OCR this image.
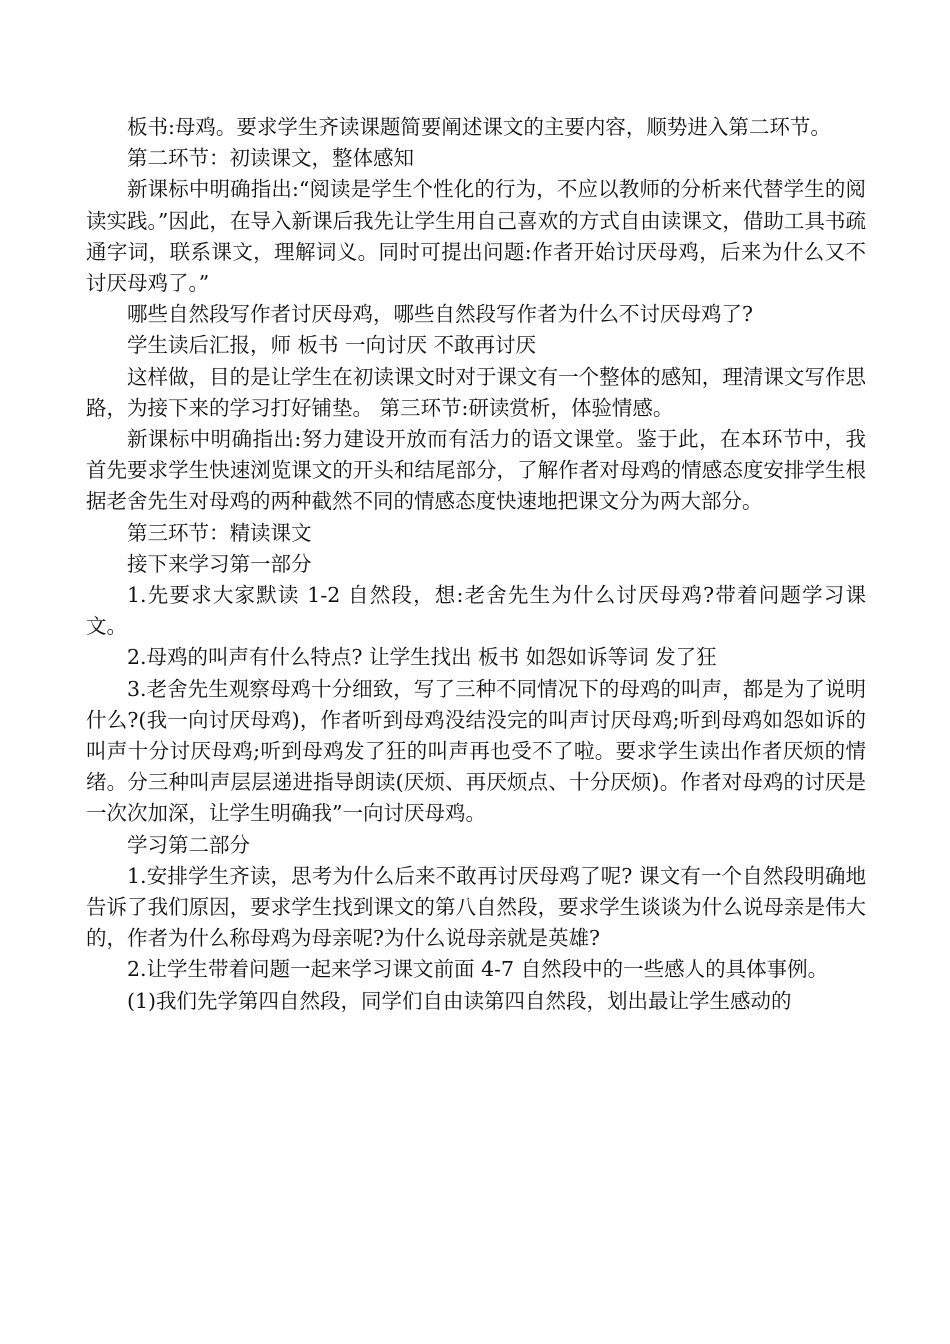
板书:母鸡。要求学生齐读课题简要阐述课文的主要内容，顺势进入第二环节。

第二环节：初读课文，整体感知

新课标中明确指出:“阅读是学生个性化的行为，不应以教师的分析来代替学生的阅读实践。”因此，在导入新课后我先让学生用自己喜欢的方式自由读课文，借助工具书疏通字词，联系课文，理解词义。同时可提出问题:作者开始讨厌母鸡，后来为什么又不讨厌母鸡了。”

哪些自然段写作者讨厌母鸡，哪些自然段写作者为什么不讨厌母鸡了?

学生读后汇报，师 板书 一向讨厌 不敢再讨厌

这样做，目的是让学生在初读课文时对于课文有一个整体的感知，理清课文写作思路，为接下来的学习打好铺垫。 第三环节:研读赏析，体验情感。

新课标中明确指出:努力建设开放而有活力的语文课堂。鉴于此，在本环节中，我首先要求学生快速浏览课文的开头和结尾部分，了解作者对母鸡的情感态度安排学生根据老舍先生对母鸡的两种截然不同的情感态度快速地把课文分为两大部分。

第三环节：精读课文

接下来学习第一部分

1.先要求大家默读 1-2 自然段，想:老舍先生为什么讨厌母鸡?带着问题学习课文。

2.母鸡的叫声有什么特点? 让学生找出 板书 如怨如诉等词 发了狂

3.老舍先生观察母鸡十分细致，写了三种不同情况下的母鸡的叫声，都是为了说明什么?(我一向讨厌母鸡)，作者听到母鸡没结没完的叫声讨厌母鸡;听到母鸡如怨如诉的叫声十分讨厌母鸡;听到母鸡发了狂的叫声再也受不了啦。要求学生读出作者厌烦的情绪。分三种叫声层层递进指导朗读(厌烦、再厌烦点、十分厌烦)。作者对母鸡的讨厌是一次次加深，让学生明确我”一向讨厌母鸡。

学习第二部分

1.安排学生齐读，思考为什么后来不敢再讨厌母鸡了呢? 课文有一个自然段明确地告诉了我们原因，要求学生找到课文的第八自然段，要求学生谈谈为什么说母亲是伟大的，作者为什么称母鸡为母亲呢?为什么说母亲就是英雄?

2.让学生带着问题一起来学习课文前面 4-7 自然段中的一些感人的具体事例。

(1)我们先学第四自然段，同学们自由读第四自然段，划出最让学生感动的
